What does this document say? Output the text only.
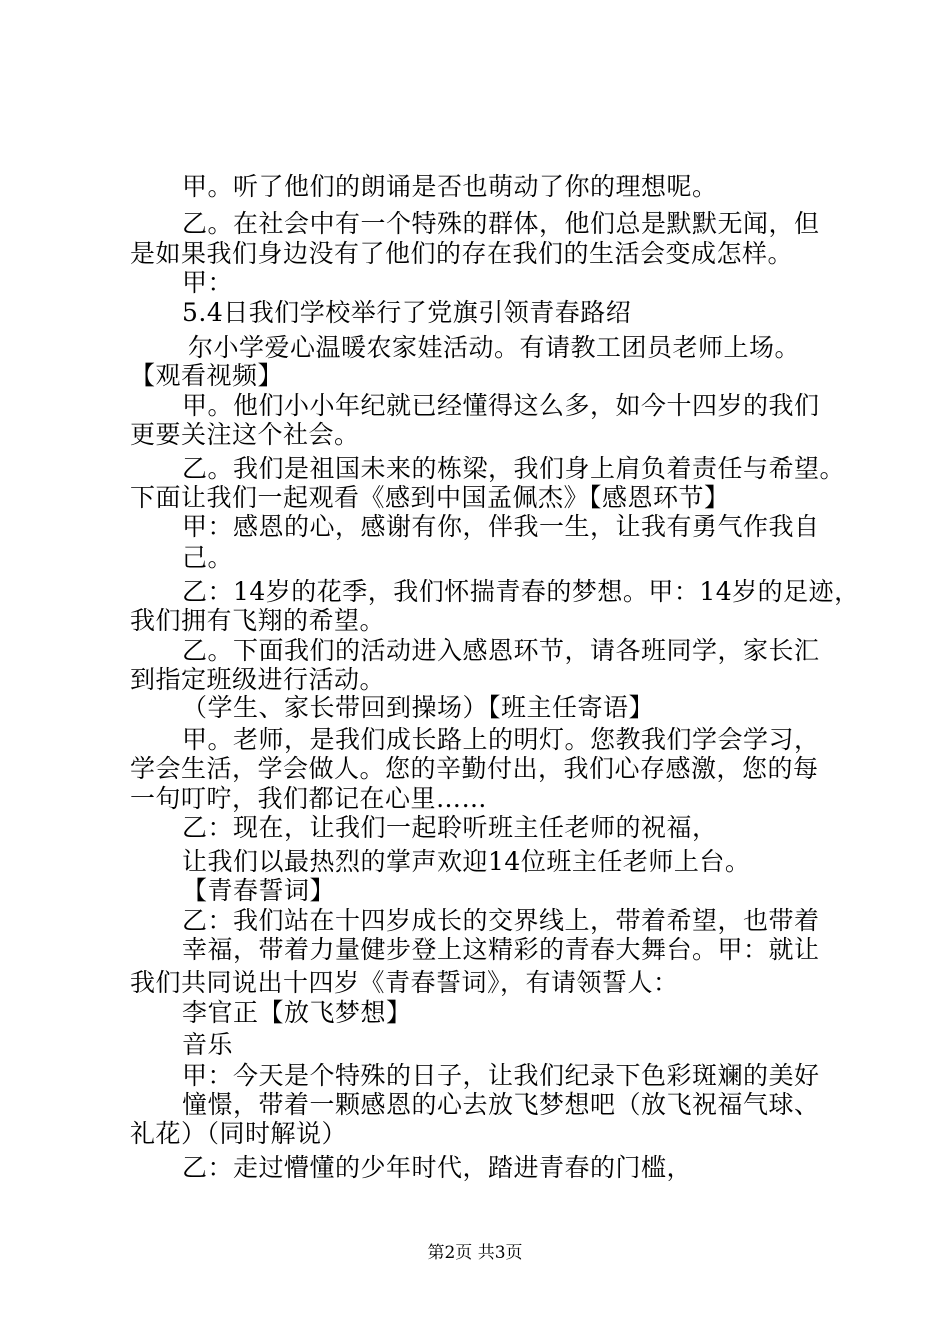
甲。听了他们的朗诵是否也萌动了你的理想呢。
乙。在社会中有一个特殊的群体，他们总是默默无闻，但
是如果我们身边没有了他们的存在我们的生活会变成怎样。
甲：
5.4日我们学校举行了党旗引领青春路绍
尔小学爱心温暖农家娃活动。有请教工团员老师上场。
【观看视频】
甲。他们小小年纪就已经懂得这么多，如今十四岁的我们
更要关注这个社会。
乙。我们是祖国未来的栋梁，我们身上肩负着责任与希望。
下面让我们一起观看《感到中国孟佩杰》【感恩环节】
甲：感恩的心，感谢有你，伴我一生，让我有勇气作我自
己。
乙：14岁的花季，我们怀揣青春的梦想。甲：14岁的足迹，
我们拥有飞翔的希望。
乙。下面我们的活动进入感恩环节，请各班同学，家长汇
到指定班级进行活动。
（学生、家长带回到操场）【班主任寄语】
甲。老师，是我们成长路上的明灯。您教我们学会学习，
学会生活，学会做人。您的辛勤付出，我们心存感激，您的每
一句叮咛，我们都记在心里……
乙：现在，让我们一起聆听班主任老师的祝福，
让我们以最热烈的掌声欢迎14位班主任老师上台。
【青春誓词】
乙：我们站在十四岁成长的交界线上，带着希望，也带着
幸福，带着力量健步登上这精彩的青春大舞台。甲：就让
我们共同说出十四岁《青春誓词》，有请领誓人：
李官正【放飞梦想】
音乐
甲：今天是个特殊的日子，让我们纪录下色彩斑斓的美好
憧憬，带着一颗感恩的心去放飞梦想吧（放飞祝福气球、
礼花）（同时解说）
乙：走过懵懂的少年时代，踏进青春的门槛，
第2页 共3页
